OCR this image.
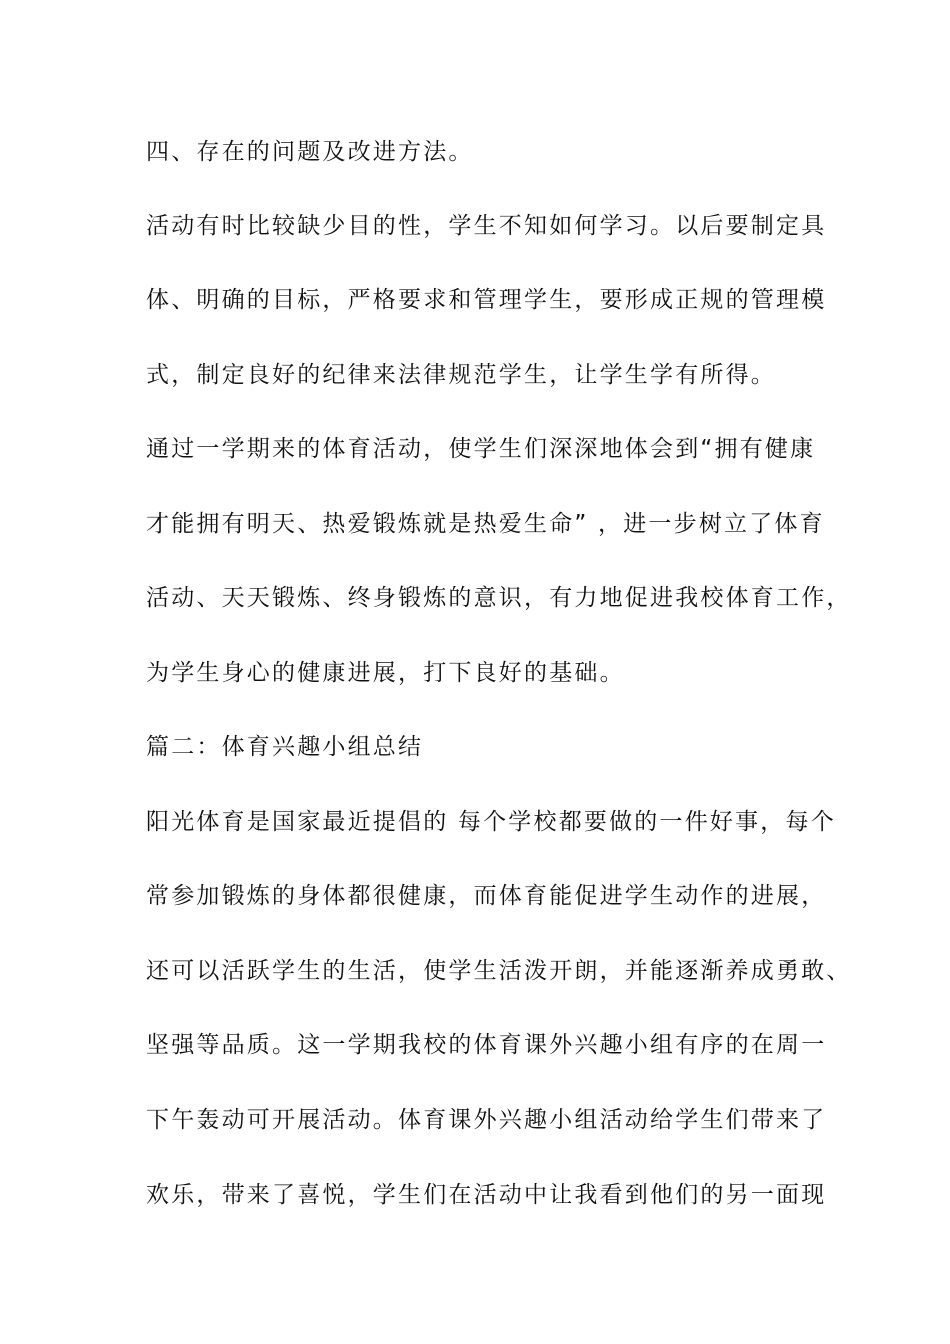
四、存在的问题及改进方法。

活动有时比较缺少目的性，学生不知如何学习。以后要制定具

体、明确的目标，严格要求和管理学生，要形成正规的管理模

式，制定良好的纪律来法律规范学生，让学生学有所得。

通过一学期来的体育活动，使学生们深深地体会到“拥有健康

才能拥有明天、热爱锻炼就是热爱生命” ，进一步树立了体育

活动、天天锻炼、终身锻炼的意识，有力地促进我校体育工作，

为学生身心的健康进展，打下良好的基础。

篇二：体育兴趣小组总结

阳光体育是国家最近提倡的 每个学校都要做的一件好事，每个

常参加锻炼的身体都很健康，而体育能促进学生动作的进展，

还可以活跃学生的生活，使学生活泼开朗，并能逐渐养成勇敢、

坚强等品质。这一学期我校的体育课外兴趣小组有序的在周一

下午轰动可开展活动。体育课外兴趣小组活动给学生们带来了

欢乐，带来了喜悦，学生们在活动中让我看到他们的另一面现
